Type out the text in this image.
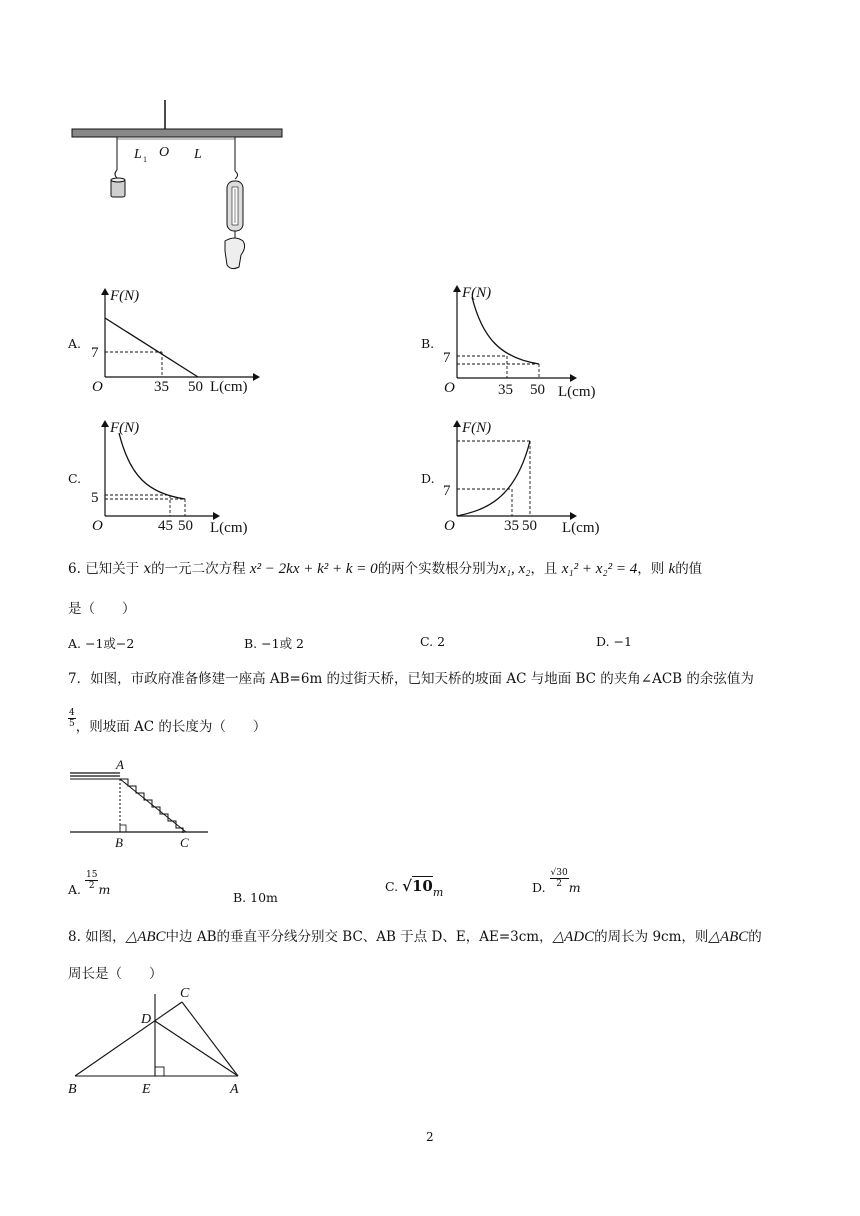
L 1 O L
A.
F(N)
7
O	35 50 L(cm)
B.
F(N)
7
O	35 50 L(cm)
C.
F(N)
5
O	45 50 L(cm)
D.
F(N)
7
O	35 50 L(cm)
6. 已知关于 x的一元二次方程 x² − 2kx + k² + k = 0的两个实数根分别为x₁, x₂，且 x₁² + x₂² = 4，则 k的值
是（　　）
A. −1或−2	B. −1或 2	C. 2	D. −1
7．如图，市政府准备修建一座高 AB=6m 的过街天桥，已知天桥的坡面 AC 与地面 BC 的夹角∠ACB 的余弦值为
$\frac{4}{5} _{,则坡面 AC 的长度为( )}$
A
B	C
A. $\frac{15}{2}$ m
B. 10m
C. √10m	D. $\frac{√30}{2}$ m
8. 如图，△ABC中边 AB的垂直平分线分别交 BC、AB 于点 D、E，AE=3cm，△ADC的周长为 9cm，则△ABC的
周长是（　　）
C
D
B	E	A
2
